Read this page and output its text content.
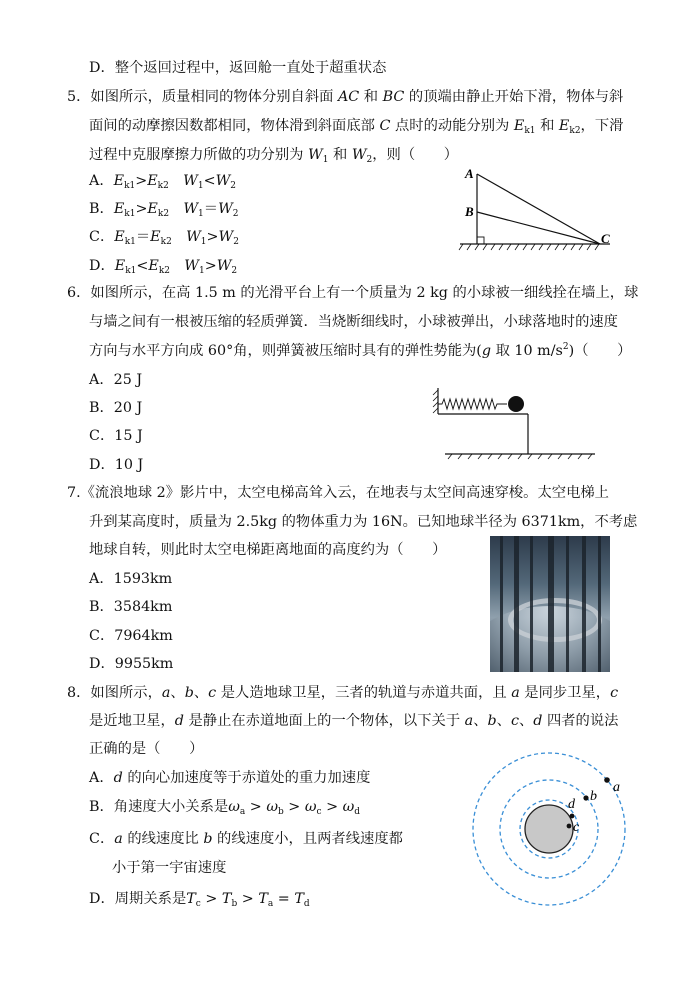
D．整个返回过程中，返回舱一直处于超重状态
5．如图所示，质量相同的物体分别自斜面 AC 和 BC 的顶端由静止开始下滑，物体与斜
面间的动摩擦因数都相同，物体滑到斜面底部 C 点时的动能分别为 $E_{k1}$ 和 $E_{k2}$，下滑
过程中克服摩擦力所做的功分别为 $W_1$ 和 $W_2$，则（　　）
A．$E_{k1}>E_{k2}$　 $W_1<W_2$
B．$E_{k1}>E_{k2}$　 $W_1=W_2$
C．$E_{k1}=E_{k2}$　 $W_1>W_2$
D．$E_{k1}<E_{k2}$　 $W_1>W_2$
6．如图所示，在高 1.5 m 的光滑平台上有一个质量为 2 kg 的小球被一细线拴在墙上，球
与墙之间有一根被压缩的轻质弹簧．当烧断细线时，小球被弹出，小球落地时的速度
方向与水平方向成 60°角，则弹簧被压缩时具有的弹性势能为(g 取 10 $m/s^2$)（　　）
A．25 J
B．20 J
C．15 J
D．10 J
7.《流浪地球 2》影片中，太空电梯高耸入云，在地表与太空间高速穿梭。太空电梯上
升到某高度时，质量为 2.5kg 的物体重力为 16N。已知地球半径为 6371km，不考虑
地球自转，则此时太空电梯距离地面的高度约为（　　）
A．1593km
B．3584km
C．7964km
D．9955km
8．如图所示，a、b、c 是人造地球卫星，三者的轨道与赤道共面，且 a 是同步卫星，c
是近地卫星，d 是静止在赤道地面上的一个物体，以下关于 a、b、c、d 四者的说法
正确的是（　　）
A．d 的向心加速度等于赤道处的重力加速度
B．角速度大小关系是$\omega_a > \omega_b > \omega_c > \omega_d$
C．a 的线速度比 b 的线速度小，且两者线速度都
小于第一宇宙速度
D．周期关系是$T_c > T_b > T_a = T_d$
A
B
C
a
b
d
c
